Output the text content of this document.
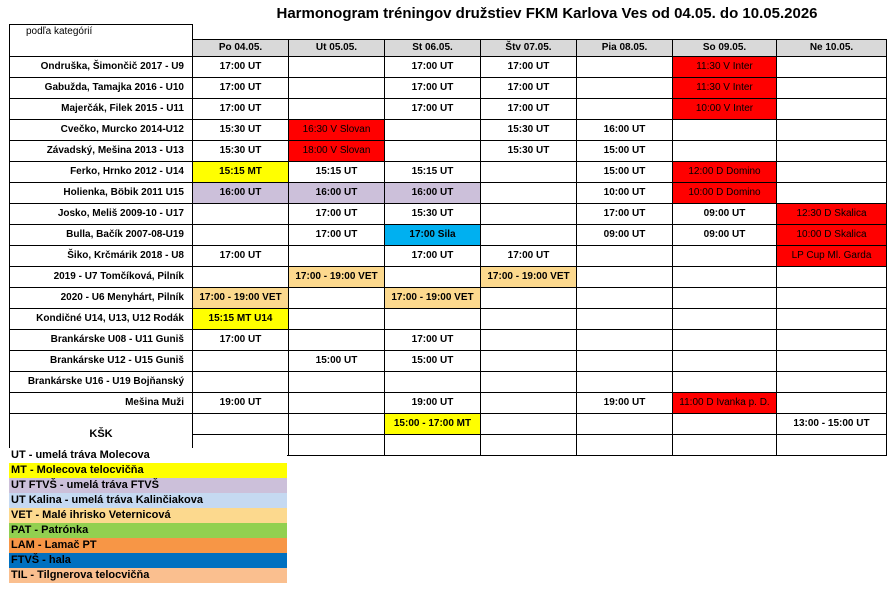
Harmonogram tréningov družstiev FKM Karlova Ves od 04.05. do 10.05.2026
podľa kategórií							
	Po 04.05.	Ut 05.05.	St 06.05.	Štv 07.05.	Pia 08.05.	So 09.05.	Ne 10.05.
Ondruška, Šimončič 2017 - U9	17:00 UT		17:00 UT	17:00 UT		11:30 V Inter	
Gabužda, Tamajka 2016 - U10	17:00 UT		17:00 UT	17:00 UT		11:30 V Inter	
Majerčák, Filek 2015 - U11	17:00 UT		17:00 UT	17:00 UT		10:00 V Inter	
Cvečko, Murcko 2014-U12	15:30 UT	16:30 V Slovan		15:30 UT	16:00 UT		
Závadský, Mešina 2013 - U13	15:30 UT	18:00 V Slovan		15:30 UT	15:00 UT		
Ferko, Hrnko 2012 - U14	15:15 MT	15:15 UT	15:15 UT		15:00 UT	12:00 D Domino	
Holienka, Böbik 2011 U15	16:00 UT	16:00 UT	16:00 UT		10:00 UT	10:00 D Domino	
Josko, Meliš 2009-10 - U17		17:00 UT	15:30 UT		17:00 UT	09:00 UT	12:30 D Skalica
Bulla, Bačík 2007-08-U19		17:00 UT	17:00 Sila		09:00 UT	09:00 UT	10:00 D Skalica
Šiko, Krčmárik 2018 - U8	17:00 UT		17:00 UT	17:00 UT			LP Cup Ml. Garda
2019 - U7 Tomčíková, Pilník		17:00 - 19:00 VET		17:00 - 19:00 VET			
2020 - U6 Menyhárt, Pilník	17:00 - 19:00 VET		17:00 - 19:00 VET				
Kondičné U14, U13, U12 Rodák	15:15 MT U14						
Brankárske U08 - U11 Guniš	17:00 UT		17:00 UT				
Brankárske U12 - U15 Guniš		15:00 UT	15:00 UT				
Brankárske U16 - U19 Bojňanský							
Mešina Muži	19:00 UT		19:00 UT		19:00 UT	11:00 D Ivanka p. D.	
KŠK			15:00 - 17:00 MT				13:00 - 15:00 UT

UT - umelá tráva Molecova
MT - Molecova telocvičňa
UT FTVŠ - umelá tráva FTVŠ
UT Kalina - umelá tráva Kalinčiakova
VET - Malé ihrisko Veternicová
PAT - Patrónka
LAM - Lamač PT
FTVŠ - hala
TIL - Tilgnerova telocvičňa
